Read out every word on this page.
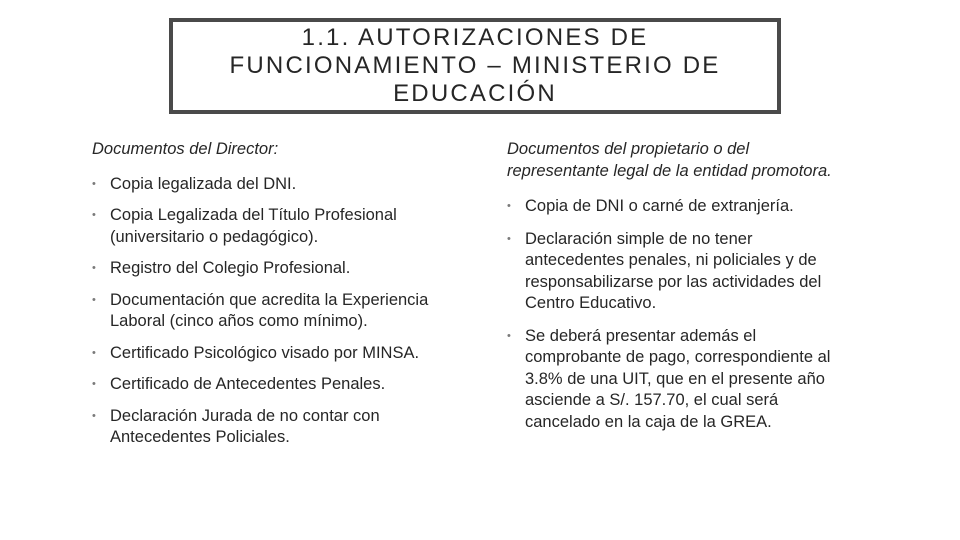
1.1. AUTORIZACIONES DE
FUNCIONAMIENTO – MINISTERIO DE
EDUCACIÓN
Documentos del Director:
• Copia legalizada del DNI.
• Copia Legalizada del Título Profesional (universitario o pedagógico).
• Registro del Colegio Profesional.
• Documentación que acredita la Experiencia Laboral (cinco años como mínimo).
• Certificado Psicológico visado por MINSA.
• Certificado de Antecedentes Penales.
• Declaración Jurada de no contar con Antecedentes Policiales.
Documentos del propietario o del representante legal de la entidad promotora.
• Copia de DNI o carné de extranjería.
• Declaración simple de no tener antecedentes penales, ni policiales y de responsabilizarse por las actividades del Centro Educativo.
• Se deberá presentar además el comprobante de pago, correspondiente al 3.8% de una UIT, que en el presente año asciende a S/. 157.70, el cual será cancelado en la caja de la GREA.
